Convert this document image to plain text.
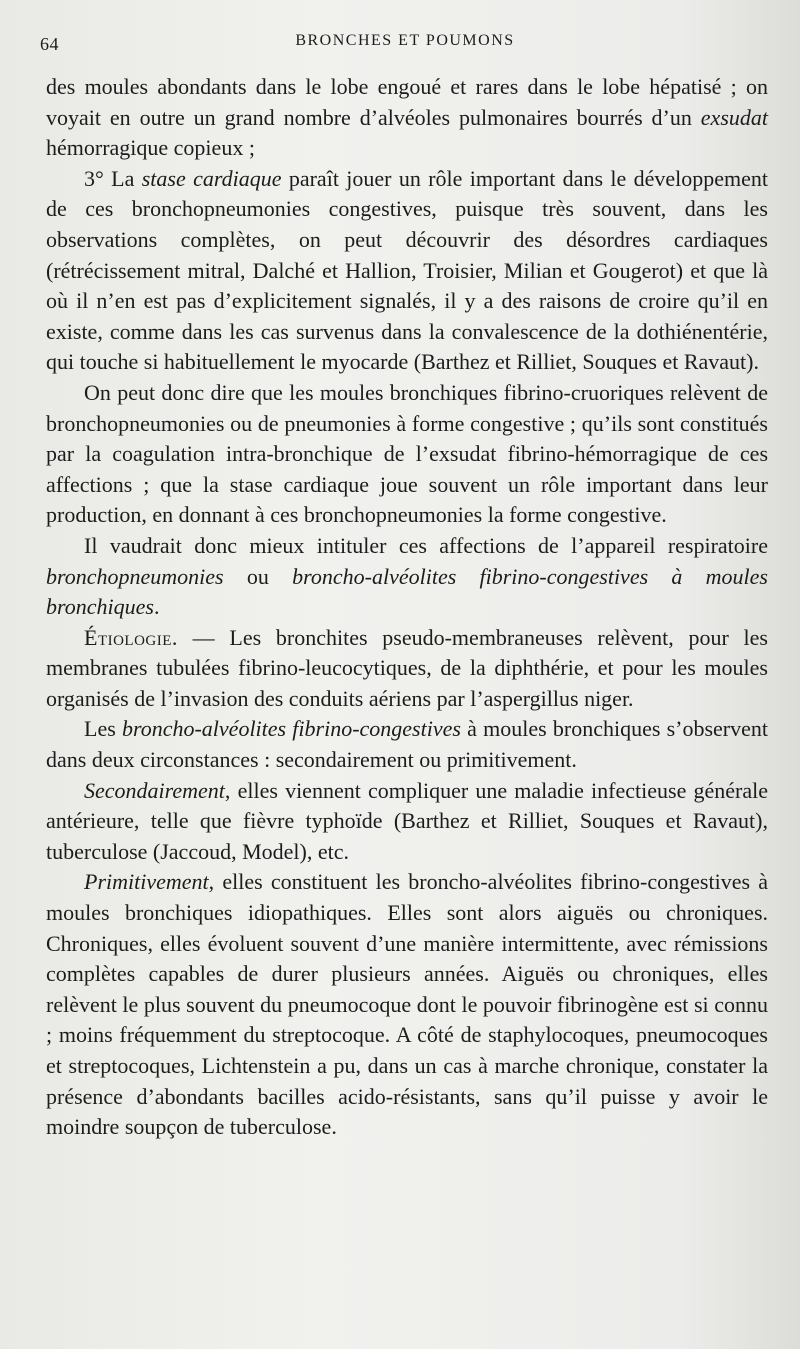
64	BRONCHES ET POUMONS

des moules abondants dans le lobe engoué et rares dans le lobe hépatisé ; on voyait en outre un grand nombre d’alvéoles pulmonaires bourrés d’un exsudat hémorragique copieux ;

3° La stase cardiaque paraît jouer un rôle important dans le développement de ces bronchopneumonies congestives, puisque très souvent, dans les observations complètes, on peut découvrir des désordres cardiaques (rétrécissement mitral, Dalché et Hallion, Troisier, Milian et Gougerot) et que là où il n’en est pas d’explicitement signalés, il y a des raisons de croire qu’il en existe, comme dans les cas survenus dans la convalescence de la dothiénentérie, qui touche si habituellement le myocarde (Barthez et Rilliet, Souques et Ravaut).

On peut donc dire que les moules bronchiques fibrino-cruoriques relèvent de bronchopneumonies ou de pneumonies à forme congestive ; qu’ils sont constitués par la coagulation intra-bronchique de l’exsudat fibrino-hémorragique de ces affections ; que la stase cardiaque joue souvent un rôle important dans leur production, en donnant à ces bronchopneumonies la forme congestive.

Il vaudrait donc mieux intituler ces affections de l’appareil respiratoire bronchopneumonies ou broncho-alvéolites fibrino-congestives à moules bronchiques.

Étiologie. — Les bronchites pseudo-membraneuses relèvent, pour les membranes tubulées fibrino-leucocytiques, de la diphthérie, et pour les moules organisés de l’invasion des conduits aériens par l’aspergillus niger.

Les broncho-alvéolites fibrino-congestives à moules bronchiques s’observent dans deux circonstances : secondairement ou primitivement.

Secondairement, elles viennent compliquer une maladie infectieuse générale antérieure, telle que fièvre typhoïde (Barthez et Rilliet, Souques et Ravaut), tuberculose (Jaccoud, Model), etc.

Primitivement, elles constituent les broncho-alvéolites fibrino-congestives à moules bronchiques idiopathiques. Elles sont alors aiguës ou chroniques. Chroniques, elles évoluent souvent d’une manière intermittente, avec rémissions complètes capables de durer plusieurs années. Aiguës ou chroniques, elles relèvent le plus souvent du pneumocoque dont le pouvoir fibrinogène est si connu ; moins fréquemment du streptocoque. A côté de staphylocoques, pneumocoques et streptocoques, Lichtenstein a pu, dans un cas à marche chronique, constater la présence d’abondants bacilles acido-résistants, sans qu’il puisse y avoir le moindre soupçon de tuberculose.
